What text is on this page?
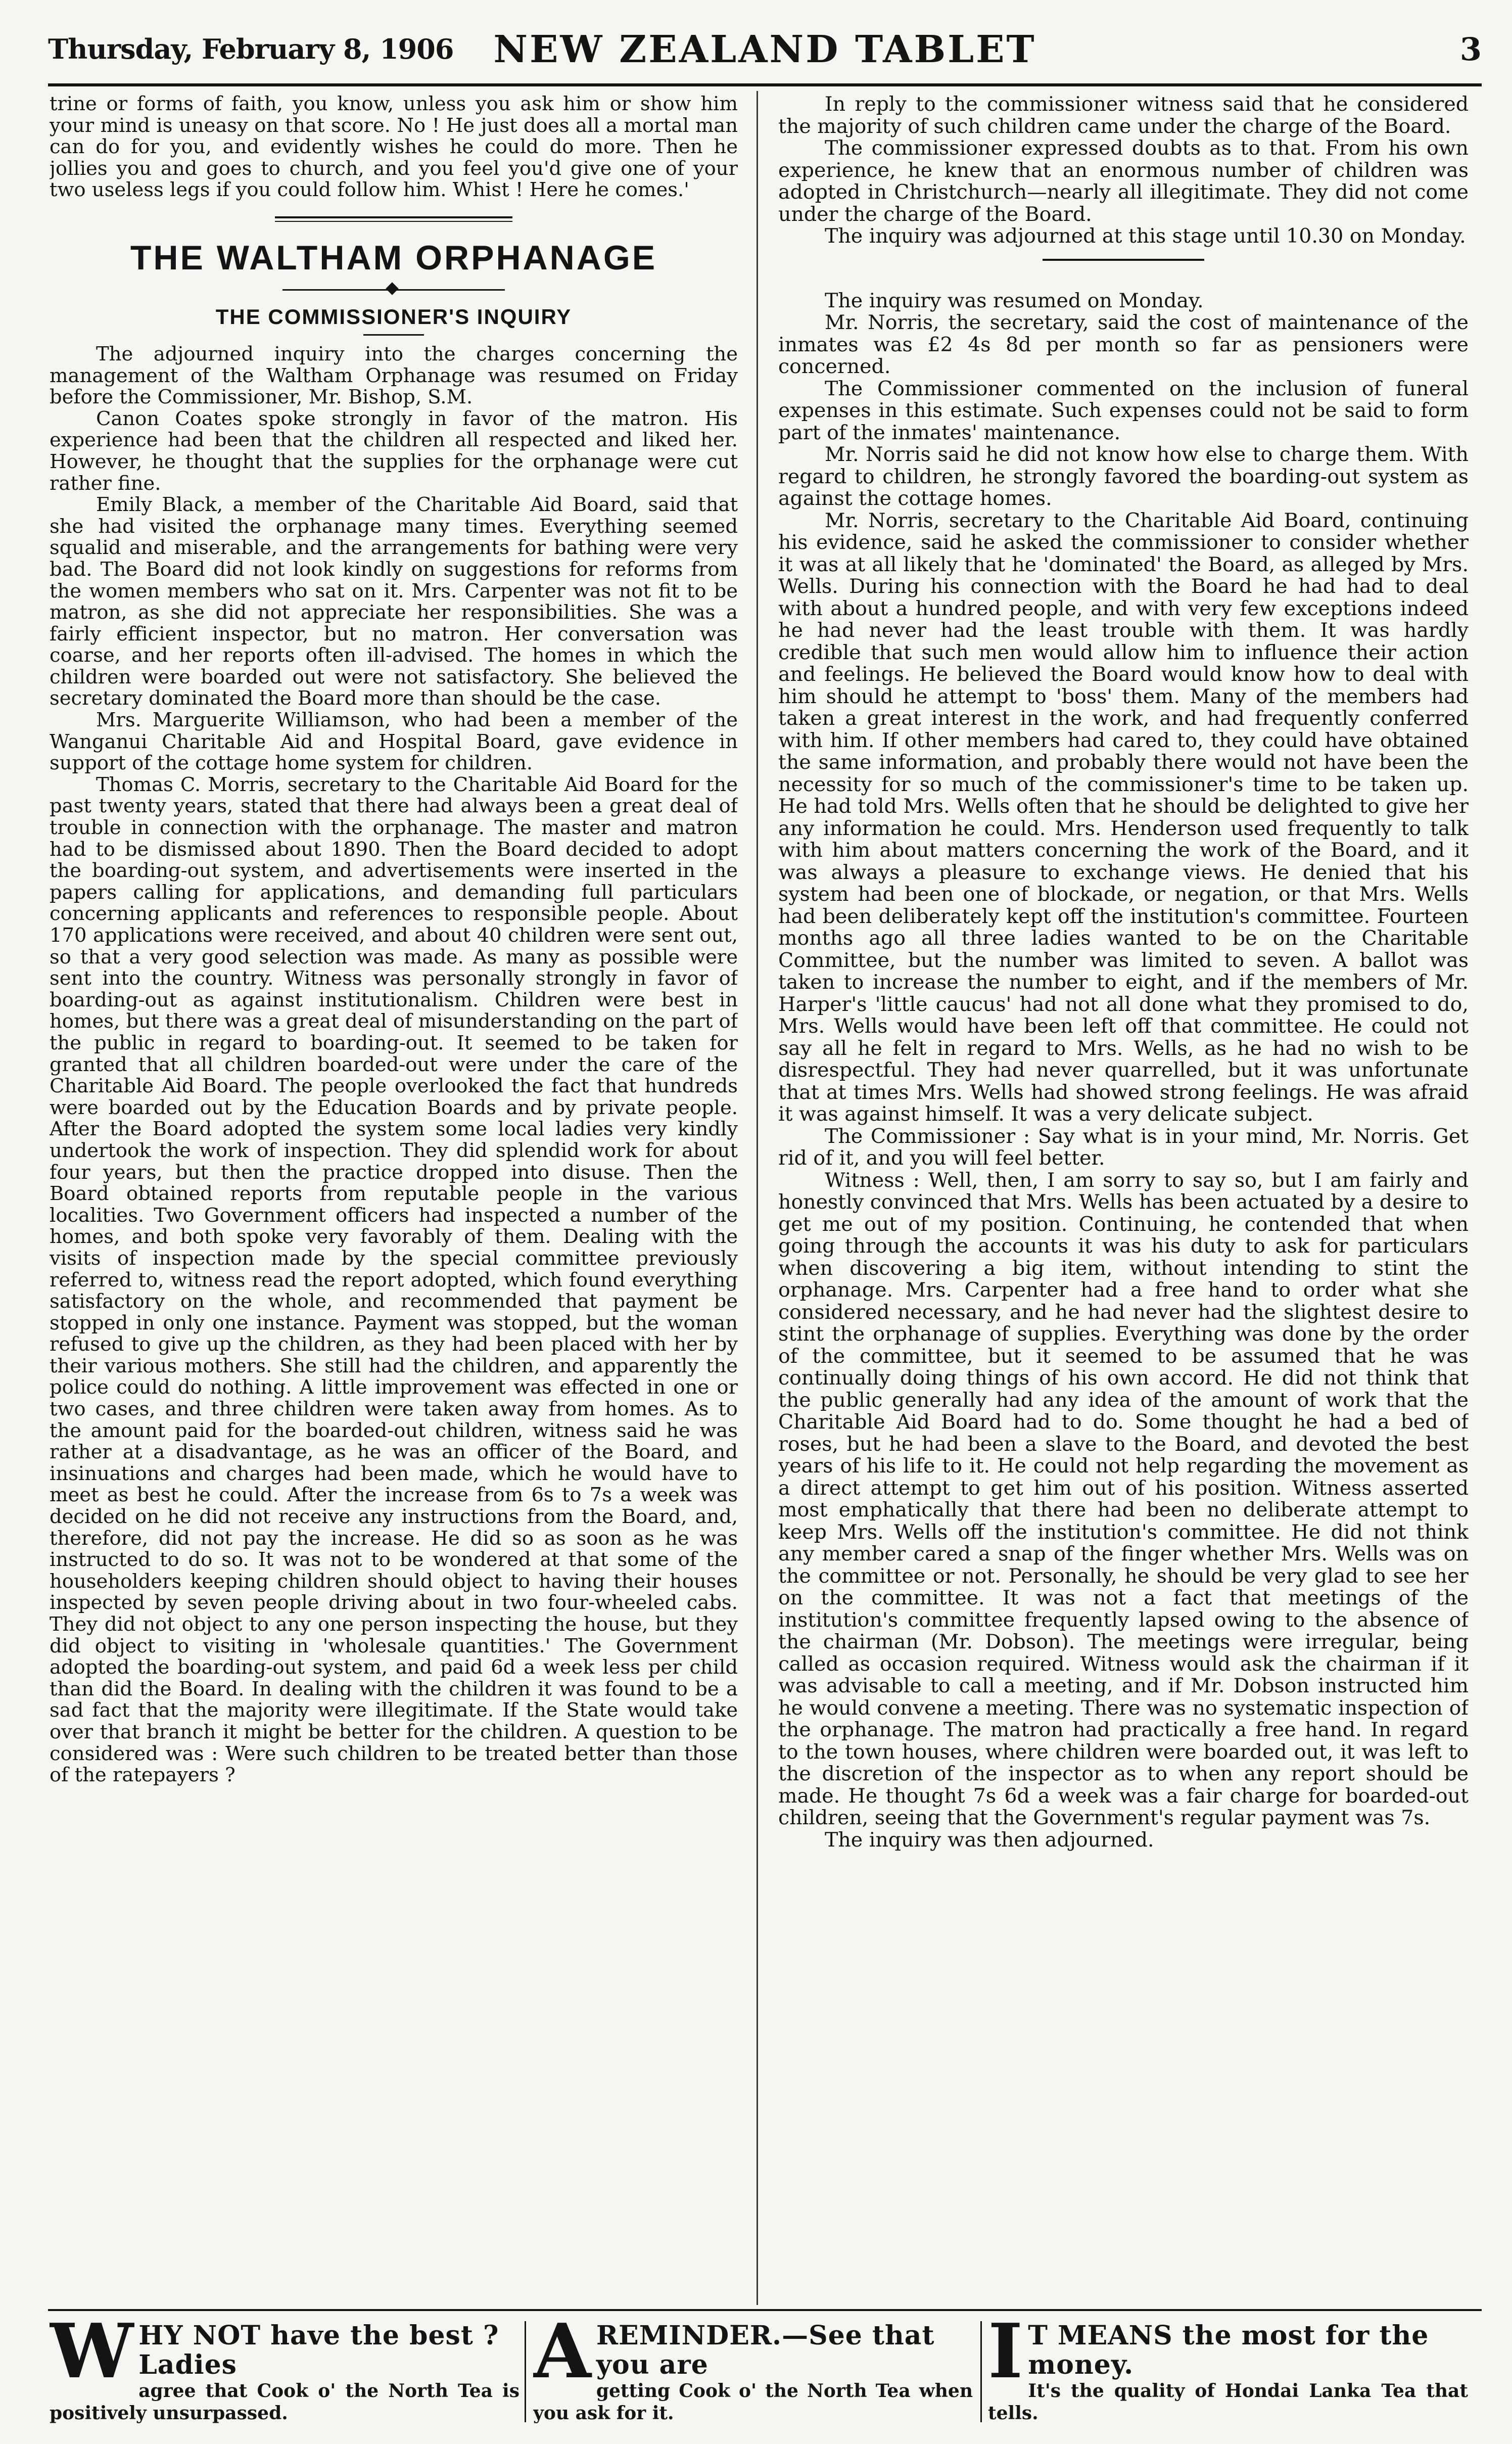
Thursday, February 8, 1906	NEW ZEALAND TABLET	3

trine or forms of faith, you know, unless you ask him or show him your mind is uneasy on that score. No ! He just does all a mortal man can do for you, and evidently wishes he could do more. Then he jollies you and goes to church, and you feel you'd give one of your two useless legs if you could follow him. Whist ! Here he comes.'

THE WALTHAM ORPHANAGE
THE COMMISSIONER'S INQUIRY

The adjourned inquiry into the charges concerning the management of the Waltham Orphanage was resumed on Friday before the Commissioner, Mr. Bishop, S.M.

Canon Coates spoke strongly in favor of the matron. His experience had been that the children all respected and liked her. However, he thought that the supplies for the orphanage were cut rather fine.

Emily Black, a member of the Charitable Aid Board, said that she had visited the orphanage many times. Everything seemed squalid and miserable, and the arrangements for bathing were very bad. The Board did not look kindly on suggestions for reforms from the women members who sat on it. Mrs. Carpenter was not fit to be matron, as she did not appreciate her responsibilities. She was a fairly efficient inspector, but no matron. Her conversation was coarse, and her reports often ill-advised. The homes in which the children were boarded out were not satisfactory. She believed the secretary dominated the Board more than should be the case.

Mrs. Marguerite Williamson, who had been a member of the Wanganui Charitable Aid and Hospital Board, gave evidence in support of the cottage home system for children.

Thomas C. Morris, secretary to the Charitable Aid Board for the past twenty years, stated that there had always been a great deal of trouble in connection with the orphanage. The master and matron had to be dismissed about 1890. Then the Board decided to adopt the boarding-out system, and advertisements were inserted in the papers calling for applications, and demanding full particulars concerning applicants and references to responsible people. About 170 applications were received, and about 40 children were sent out, so that a very good selection was made. As many as possible were sent into the country. Witness was personally strongly in favor of boarding-out as against institutionalism. Children were best in homes, but there was a great deal of misunderstanding on the part of the public in regard to boarding-out. It seemed to be taken for granted that all children boarded-out were under the care of the Charitable Aid Board. The people overlooked the fact that hundreds were boarded out by the Education Boards and by private people. After the Board adopted the system some local ladies very kindly undertook the work of inspection. They did splendid work for about four years, but then the practice dropped into disuse. Then the Board obtained reports from reputable people in the various localities. Two Government officers had inspected a number of the homes, and both spoke very favorably of them. Dealing with the visits of inspection made by the special committee previously referred to, witness read the report adopted, which found everything satisfactory on the whole, and recommended that payment be stopped in only one instance. Payment was stopped, but the woman refused to give up the children, as they had been placed with her by their various mothers. She still had the children, and apparently the police could do nothing. A little improvement was effected in one or two cases, and three children were taken away from homes. As to the amount paid for the boarded-out children, witness said he was rather at a disadvantage, as he was an officer of the Board, and insinuations and charges had been made, which he would have to meet as best he could. After the increase from 6s to 7s a week was decided on he did not receive any instructions from the Board, and, therefore, did not pay the increase. He did so as soon as he was instructed to do so. It was not to be wondered at that some of the householders keeping children should object to having their houses inspected by seven people driving about in two four-wheeled cabs. They did not object to any one person inspecting the house, but they did object to visiting in 'wholesale quantities.' The Government adopted the boarding-out system, and paid 6d a week less per child than did the Board. In dealing with the children it was found to be a sad fact that the majority were illegitimate. If the State would take over that branch it might be better for the children. A question to be considered was : Were such children to be treated better than those of the ratepayers ?

In reply to the commissioner witness said that he considered the majority of such children came under the charge of the Board.

The commissioner expressed doubts as to that. From his own experience, he knew that an enormous number of children was adopted in Christchurch—nearly all illegitimate. They did not come under the charge of the Board.

The inquiry was adjourned at this stage until 10.30 on Monday.

The inquiry was resumed on Monday.

Mr. Norris, the secretary, said the cost of maintenance of the inmates was £2 4s 8d per month so far as pensioners were concerned.

The Commissioner commented on the inclusion of funeral expenses in this estimate. Such expenses could not be said to form part of the inmates' maintenance.

Mr. Norris said he did not know how else to charge them. With regard to children, he strongly favored the boarding-out system as against the cottage homes.

Mr. Norris, secretary to the Charitable Aid Board, continuing his evidence, said he asked the commissioner to consider whether it was at all likely that he 'dominated' the Board, as alleged by Mrs. Wells. During his connection with the Board he had had to deal with about a hundred people, and with very few exceptions indeed he had never had the least trouble with them. It was hardly credible that such men would allow him to influence their action and feelings. He believed the Board would know how to deal with him should he attempt to 'boss' them. Many of the members had taken a great interest in the work, and had frequently conferred with him. If other members had cared to, they could have obtained the same information, and probably there would not have been the necessity for so much of the commissioner's time to be taken up. He had told Mrs. Wells often that he should be delighted to give her any information he could. Mrs. Henderson used frequently to talk with him about matters concerning the work of the Board, and it was always a pleasure to exchange views. He denied that his system had been one of blockade, or negation, or that Mrs. Wells had been deliberately kept off the institution's committee. Fourteen months ago all three ladies wanted to be on the Charitable Committee, but the number was limited to seven. A ballot was taken to increase the number to eight, and if the members of Mr. Harper's 'little caucus' had not all done what they promised to do, Mrs. Wells would have been left off that committee. He could not say all he felt in regard to Mrs. Wells, as he had no wish to be disrespectful. They had never quarrelled, but it was unfortunate that at times Mrs. Wells had showed strong feelings. He was afraid it was against himself. It was a very delicate subject.

The Commissioner : Say what is in your mind, Mr. Norris. Get rid of it, and you will feel better.

Witness : Well, then, I am sorry to say so, but I am fairly and honestly convinced that Mrs. Wells has been actuated by a desire to get me out of my position. Continuing, he contended that when going through the accounts it was his duty to ask for particulars when discovering a big item, without intending to stint the orphanage. Mrs. Carpenter had a free hand to order what she considered necessary, and he had never had the slightest desire to stint the orphanage of supplies. Everything was done by the order of the committee, but it seemed to be assumed that he was continually doing things of his own accord. He did not think that the public generally had any idea of the amount of work that the Charitable Aid Board had to do. Some thought he had a bed of roses, but he had been a slave to the Board, and devoted the best years of his life to it. He could not help regarding the movement as a direct attempt to get him out of his position. Witness asserted most emphatically that there had been no deliberate attempt to keep Mrs. Wells off the institution's committee. He did not think any member cared a snap of the finger whether Mrs. Wells was on the committee or not. Personally, he should be very glad to see her on the committee. It was not a fact that meetings of the institution's committee frequently lapsed owing to the absence of the chairman (Mr. Dobson). The meetings were irregular, being called as occasion required. Witness would ask the chairman if it was advisable to call a meeting, and if Mr. Dobson instructed him he would convene a meeting. There was no systematic inspection of the orphanage. The matron had practically a free hand. In regard to the town houses, where children were boarded out, it was left to the discretion of the inspector as to when any report should be made. He thought 7s 6d a week was a fair charge for boarded-out children, seeing that the Government's regular payment was 7s.

The inquiry was then adjourned.

W HY NOT have the best ? Ladies
agree that Cook o' the North Tea is positively unsurpassed.
A REMINDER.—See that you are
getting Cook o' the North Tea when you ask for it.
I T MEANS the most for the money.
It's the quality of Hondai Lanka Tea that tells.
